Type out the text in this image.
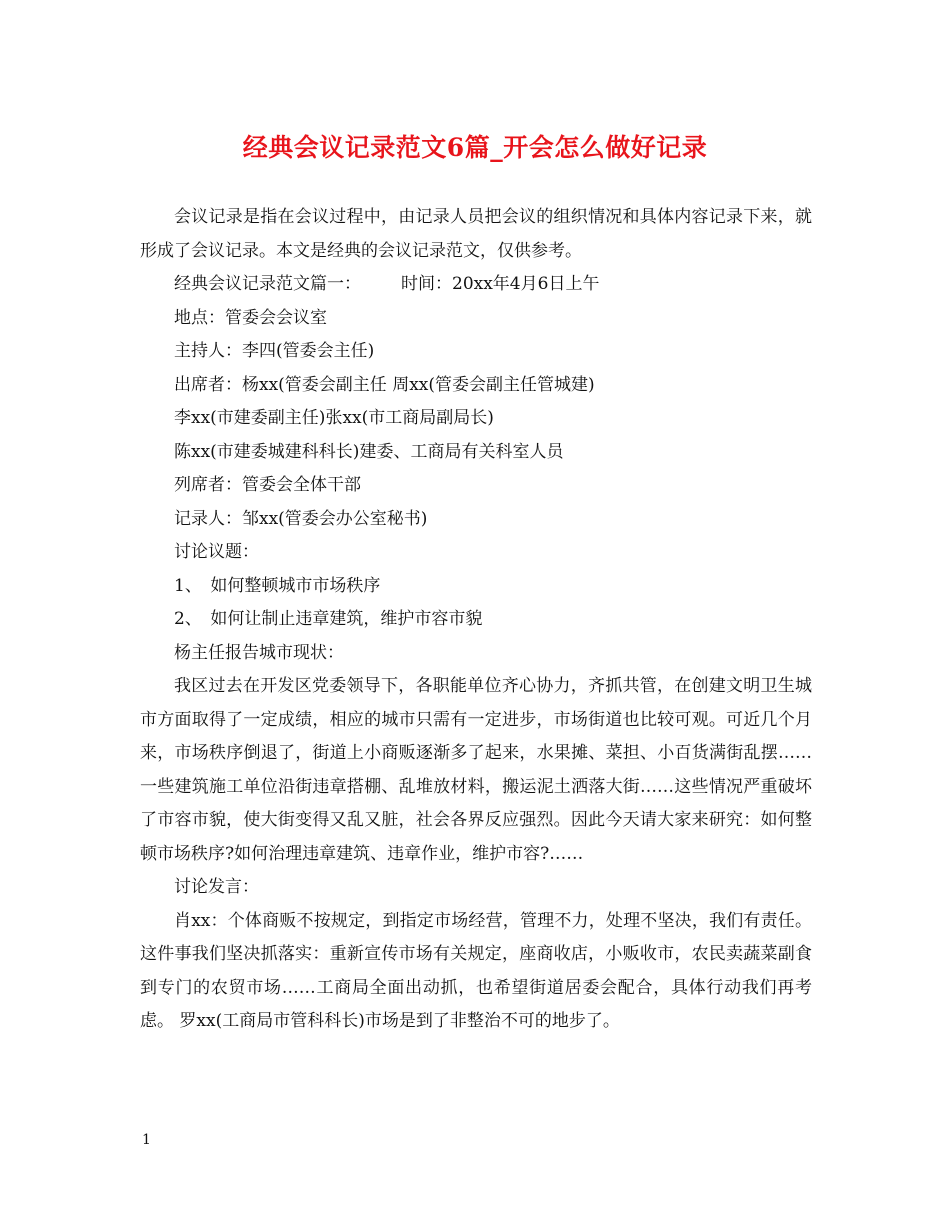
经典会议记录范文6篇_开会怎么做好记录

会议记录是指在会议过程中，由记录人员把会议的组织情况和具体内容记录下来，就形成了会议记录。本文是经典的会议记录范文，仅供参考。

经典会议记录范文篇一： 时间：20xx年4月6日上午

地点：管委会会议室

主持人：李四(管委会主任)

出席者：杨xx(管委会副主任 周xx(管委会副主任管城建)

李xx(市建委副主任)张xx(市工商局副局长)

陈xx(市建委城建科科长)建委、工商局有关科室人员

列席者：管委会全体干部

记录人：邹xx(管委会办公室秘书)

讨论议题：

1、　如何整顿城市市场秩序

2、　如何让制止违章建筑，维护市容市貌

杨主任报告城市现状：

我区过去在开发区党委领导下，各职能单位齐心协力，齐抓共管，在创建文明卫生城市方面取得了一定成绩，相应的城市只需有一定进步，市场街道也比较可观。可近几个月来，市场秩序倒退了，街道上小商贩逐渐多了起来，水果摊、菜担、小百货满街乱摆……一些建筑施工单位沿街违章搭棚、乱堆放材料，搬运泥土洒落大街……这些情况严重破坏了市容市貌，使大街变得又乱又脏，社会各界反应强烈。因此今天请大家来研究：如何整顿市场秩序?如何治理违章建筑、违章作业，维护市容?……

讨论发言：

肖xx：个体商贩不按规定，到指定市场经营，管理不力，处理不坚决，我们有责任。这件事我们坚决抓落实：重新宣传市场有关规定，座商收店，小贩收市，农民卖蔬菜副食到专门的农贸市场……工商局全面出动抓，也希望街道居委会配合，具体行动我们再考虑。 罗xx(工商局市管科科长)市场是到了非整治不可的地步了。

1
